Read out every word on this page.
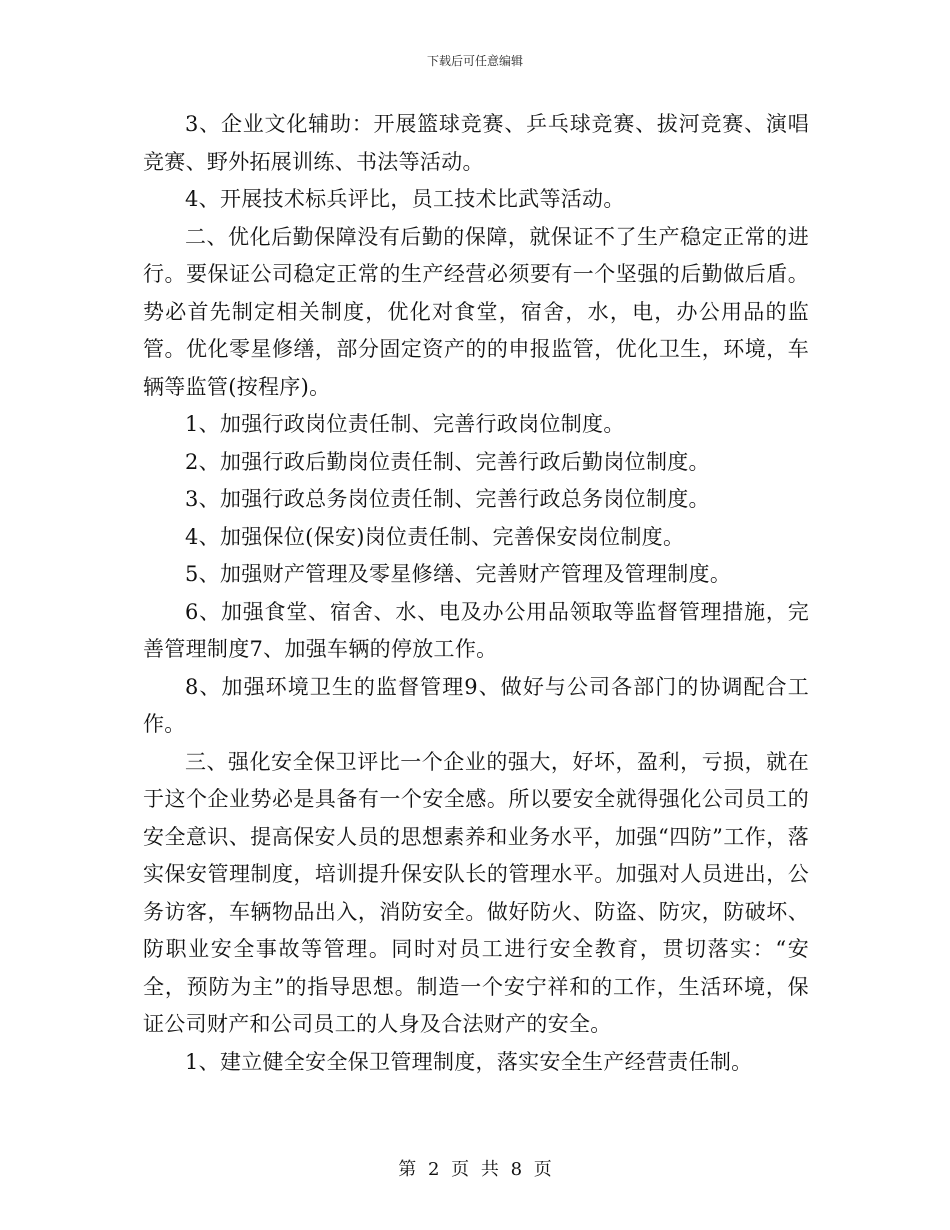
下载后可任意编辑

3、企业文化辅助：开展篮球竞赛、乒乓球竞赛、拔河竞赛、演唱竞赛、野外拓展训练、书法等活动。

4、开展技术标兵评比，员工技术比武等活动。

二、优化后勤保障没有后勤的保障，就保证不了生产稳定正常的进行。要保证公司稳定正常的生产经营必须要有一个坚强的后勤做后盾。势必首先制定相关制度，优化对食堂，宿舍，水，电，办公用品的监管。优化零星修缮，部分固定资产的的申报监管，优化卫生，环境，车辆等监管(按程序)。

1、加强行政岗位责任制、完善行政岗位制度。

2、加强行政后勤岗位责任制、完善行政后勤岗位制度。

3、加强行政总务岗位责任制、完善行政总务岗位制度。

4、加强保位(保安)岗位责任制、完善保安岗位制度。

5、加强财产管理及零星修缮、完善财产管理及管理制度。

6、加强食堂、宿舍、水、电及办公用品领取等监督管理措施，完善管理制度7、加强车辆的停放工作。

8、加强环境卫生的监督管理9、做好与公司各部门的协调配合工作。

三、强化安全保卫评比一个企业的强大，好坏，盈利，亏损，就在于这个企业势必是具备有一个安全感。所以要安全就得强化公司员工的安全意识、提高保安人员的思想素养和业务水平，加强“四防”工作，落实保安管理制度，培训提升保安队长的管理水平。加强对人员进出，公务访客，车辆物品出入，消防安全。做好防火、防盗、防灾，防破坏、防职业安全事故等管理。同时对员工进行安全教育，贯切落实：“安全，预防为主”的指导思想。制造一个安宁祥和的工作，生活环境，保证公司财产和公司员工的人身及合法财产的安全。

1、建立健全安全保卫管理制度，落实安全生产经营责任制。

第 2 页 共 8 页
